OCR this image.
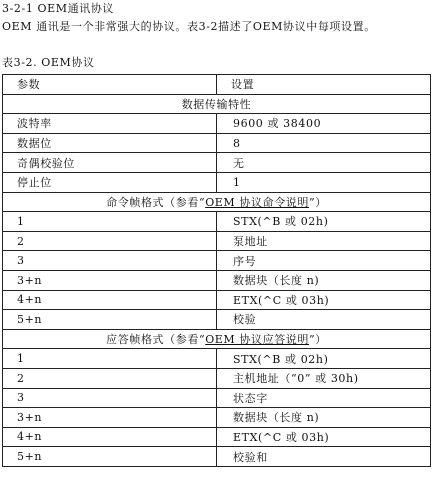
3-2-1 OEM通讯协议
OEM 通讯是一个非常强大的协议。表3-2描述了OEM协议中每项设置。
表3-2. OEM协议
参数	设置
数据传输特性	
波特率	9600 或 38400
数据位	8
奇偶校验位	无
停止位	1
命令帧格式（参看“OEM 协议命令说明”）	
1	STX(^B 或 02h)
2	泵地址
3	序号
3+n	数据块（长度 n)
4+n	ETX(^C 或 03h)
5+n	校验
应答帧格式（参看“OEM 协议应答说明”）	
1	STX(^B 或 02h)
2	主机地址（“0” 或 30h)
3	状态字
3+n	数据块（长度 n)
4+n	ETX(^C 或 03h)
5+n	校验和
